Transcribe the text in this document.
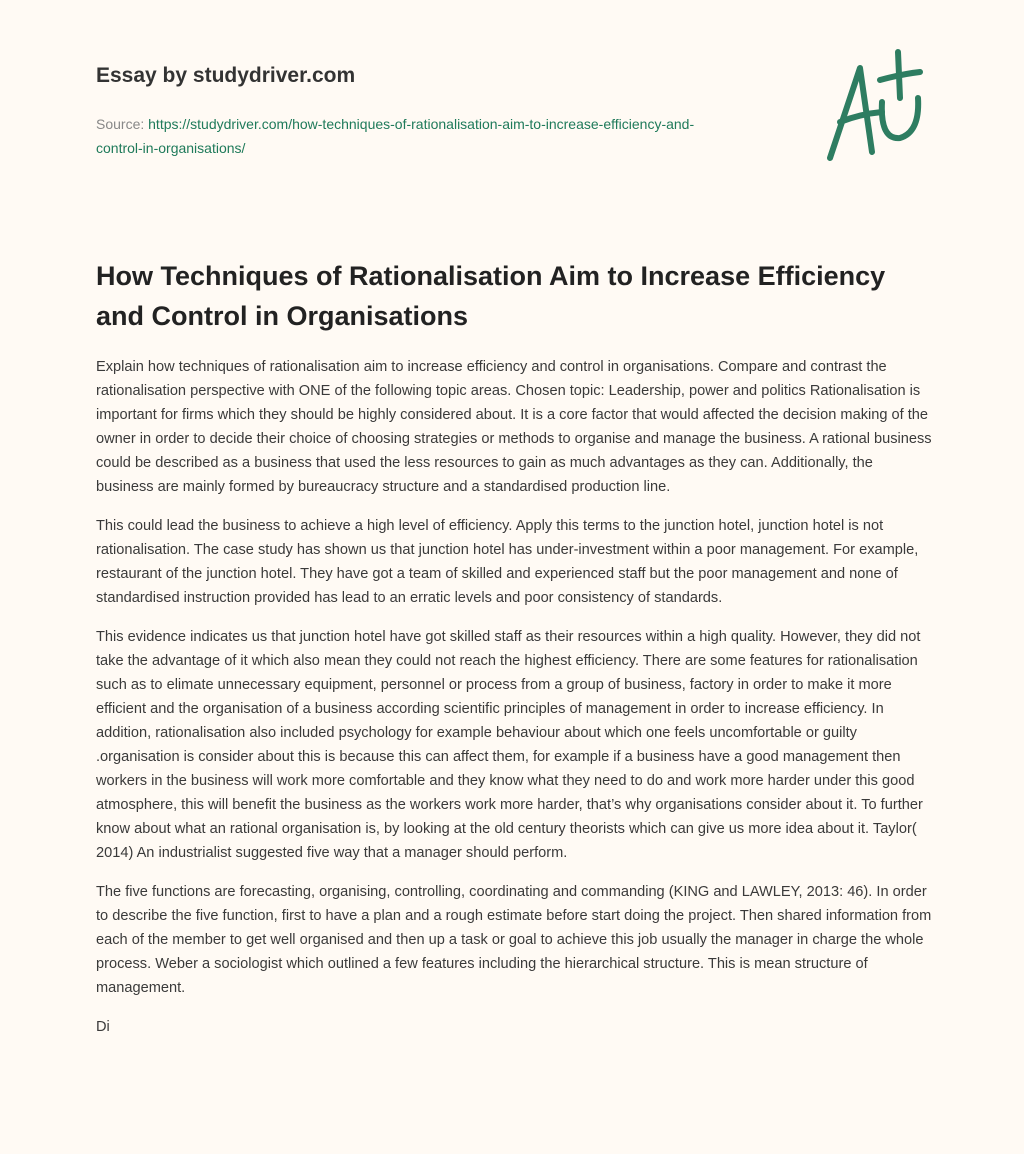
Essay by studydriver.com
Source: https://studydriver.com/how-techniques-of-rationalisation-aim-to-increase-efficiency-and-control-in-organisations/
How Techniques of Rationalisation Aim to Increase Efficiency and Control in Organisations

Explain how techniques of rationalisation aim to increase efficiency and control in organisations. Compare and contrast the rationalisation perspective with ONE of the following topic areas. Chosen topic: Leadership, power and politics Rationalisation is important for firms which they should be highly considered about. It is a core factor that would affected the decision making of the owner in order to decide their choice of choosing strategies or methods to organise and manage the business. A rational business could be described as a business that used the less resources to gain as much advantages as they can. Additionally, the business are mainly formed by bureaucracy structure and a standardised production line.

This could lead the business to achieve a high level of efficiency. Apply this terms to the junction hotel, junction hotel is not rationalisation. The case study has shown us that junction hotel has under-investment within a poor management. For example, restaurant of the junction hotel. They have got a team of skilled and experienced staff but the poor management and none of standardised instruction provided has lead to an erratic levels and poor consistency of standards.

This evidence indicates us that junction hotel have got skilled staff as their resources within a high quality. However, they did not take the advantage of it which also mean they could not reach the highest efficiency. There are some features for rationalisation such as to elimate unnecessary equipment, personnel or process from a group of business, factory in order to make it more efficient and the organisation of a business according scientific principles of management in order to increase efficiency. In addition, rationalisation also included psychology for example behaviour about which one feels uncomfortable or guilty .organisation is consider about this is because this can affect them, for example if a business have a good management then workers in the business will work more comfortable and they know what they need to do and work more harder under this good atmosphere, this will benefit the business as the workers work more harder, that’s why organisations consider about it. To further know about what an rational organisation is, by looking at the old century theorists which can give us more idea about it. Taylor( 2014) An industrialist suggested five way that a manager should perform.

The five functions are forecasting, organising, controlling, coordinating and commanding (KING and LAWLEY, 2013: 46). In order to describe the five function, first to have a plan and a rough estimate before start doing the project. Then shared information from each of the member to get well organised and then up a task or goal to achieve this job usually the manager in charge the whole process. Weber a sociologist which outlined a few features including the hierarchical structure. This is mean structure of management.

Di
